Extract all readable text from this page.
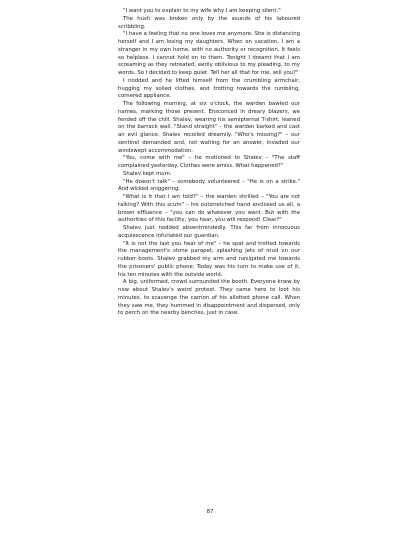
"I want you to explain to my wife why I am keeping silent."

The hush was broken only by the sounds of his laboured scribbling.

"I have a feeling that no one loves me anymore. She is distancing herself and I am losing my daughters. When on vacation, I am a stranger in my own home, with no authority or recognition. It feels so helpless. I cannot hold on to them. Tonight I dreamt that I am screaming as they retreated, eerily oblivious to my pleading, to my words. So I decided to keep quiet. Tell her all that for me, will you?"

I nodded and he lifted himself from the crumbling armchair, hugging my soiled clothes, and trotting towards the rumbling, cornered appliance.

The following morning, at six o'clock, the warden bawled our names, marking those present. Ensconced in dreary blazers, we fended off the chill. Shalev, wearing his semipternal T-shirt, leaned on the barrack wall. "Stand straight" – the warden barked and cast an evil glance. Shalev recoiled dreamily. "Who's missing?" – our sentinel demanded and, not waiting for an answer, invaded our windswept accommodation.

"You, come with me" – he motioned to Shalev – "The staff complained yesterday. Clothes were amiss. What happened?"

Shalev kept mum.

"He doesn't talk" – somebody volunteered – "He is on a strike." And wicked sniggering.

"What is it that I am told?" – the warden shrilled – "You are not talking? With this scum" – his outstretched hand enclosed us all, a brown effluence – "you can do whatever you want. But with the authorities of this facility, you hear, you will respond! Clear?"

Shalev just nodded absentmindedly. This far from innocuous acquiescence infuriated our guardian.

"It is not the last you hear of me" – he spat and trotted towards the management's stone parapet, splashing jets of mud on our rubber boots. Shalev grabbed my arm and navigated me towards the prisoners' public phone. Today was his turn to make use of it, his ten minutes with the outside world.

A big, uniformed, crowd surrounded the booth. Everyone knew by now about Shalev's weird protest. They came here to loot his minutes, to scavenge the carrion of his allotted phone call. When they saw me, they hummed in disappointment and dispersed, only to perch on the nearby benches, just in case.

87
